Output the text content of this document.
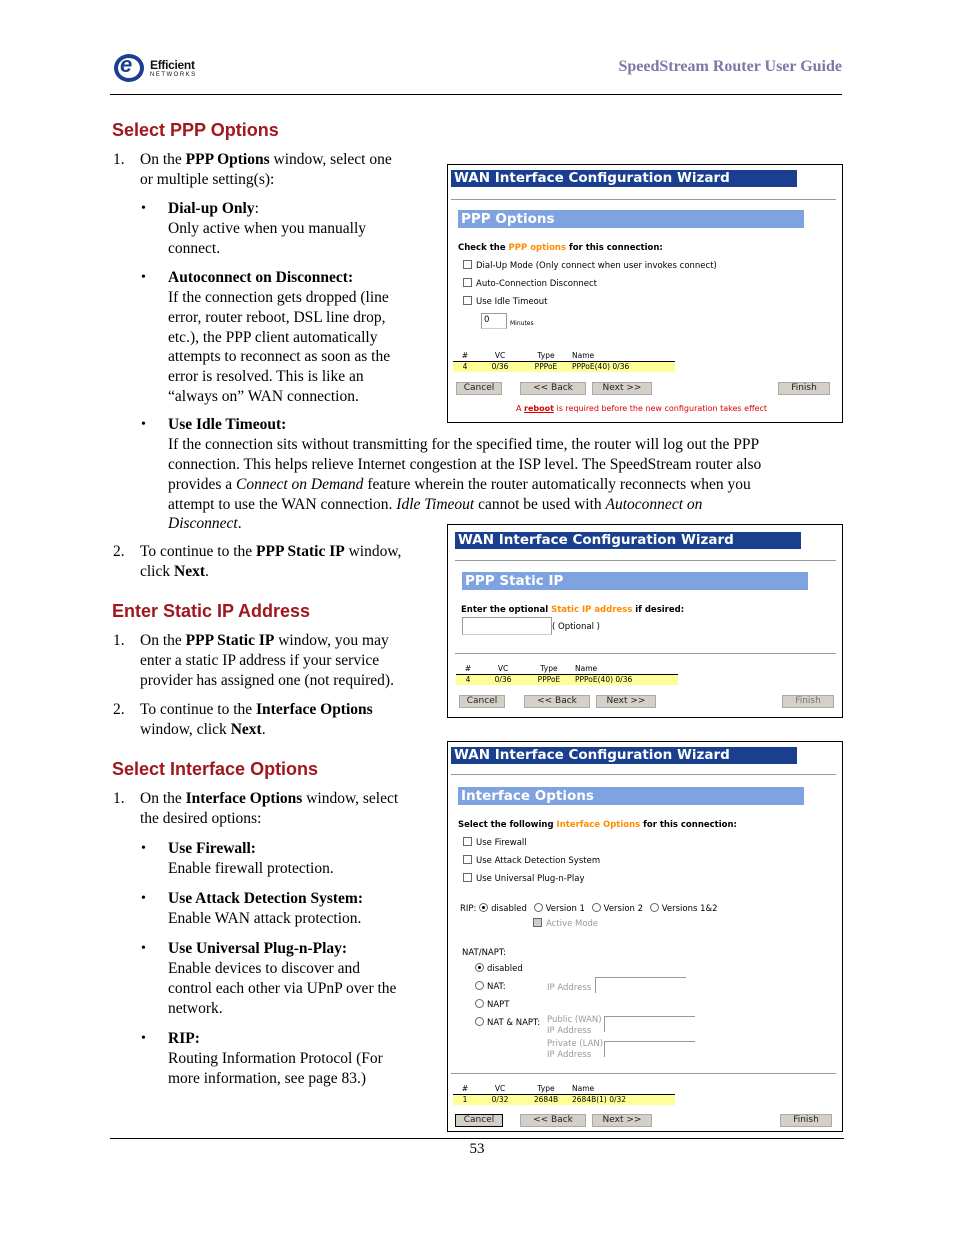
e Efficient
NETWORKS	SpeedStream Router User Guide
Select PPP Options
1. On the PPP Options window, select one
or multiple setting(s):
• Dial-up Only:
Only active when you manually
connect.
• Autoconnect on Disconnect:
If the connection gets dropped (line
error, router reboot, DSL line drop,
etc.), the PPP client automatically
attempts to reconnect as soon as the
error is resolved. This is like an
“always on” WAN connection.
• Use Idle Timeout:
If the connection sits without transmitting for the specified time, the router will log out the PPP
connection. This helps relieve Internet congestion at the ISP level. The SpeedStream router also
provides a Connect on Demand feature wherein the router automatically reconnects when you
attempt to use the WAN connection. Idle Timeout cannot be used with Autoconnect on
Disconnect.
2. To continue to the PPP Static IP window,
click Next.
Enter Static IP Address
1. On the PPP Static IP window, you may
enter a static IP address if your service
provider has assigned one (not required).
2. To continue to the Interface Options
window, click Next.
Select Interface Options
1. On the Interface Options window, select
the desired options:
• Use Firewall:
Enable firewall protection.
• Use Attack Detection System:
Enable WAN attack protection.
• Use Universal Plug-n-Play:
Enable devices to discover and
control each other via UPnP over the
network.
• RIP:
Routing Information Protocol (For
more information, see page 83.)
WAN Interface Configuration Wizard
PPP Options
Check the PPP options for this connection:
Dial-Up Mode (Only connect when user invokes connect)
Auto-Connection Disconnect
Use Idle Timeout
0	Minutes
#	VC	Type	Name
4	0/36	PPPoE	PPPoE(40) 0/36
Cancel	<< Back	Next >>	Finish
A reboot is required before the new configuration takes effect
WAN Interface Configuration Wizard
PPP Static IP
Enter the optional Static IP address if desired:
( Optional )
#	VC	Type	Name
4	0/36	PPPoE	PPPoE(40) 0/36
Cancel	<< Back	Next >>	Finish
WAN Interface Configuration Wizard
Interface Options
Select the following Interface Options for this connection:
Use Firewall
Use Attack Detection System
Use Universal Plug-n-Play
RIP: disabled Version 1 Version 2 Versions 1&2
Active Mode
NAT/NAPT:
disabled
NAT:	IP Address
NAPT
NAT & NAPT: Public (WAN)
IP Address
Private (LAN)
IP Address
#	VC	Type	Name
1	0/32	2684B	2684B(1) 0/32
Cancel	<< Back	Next >>	Finish
53
